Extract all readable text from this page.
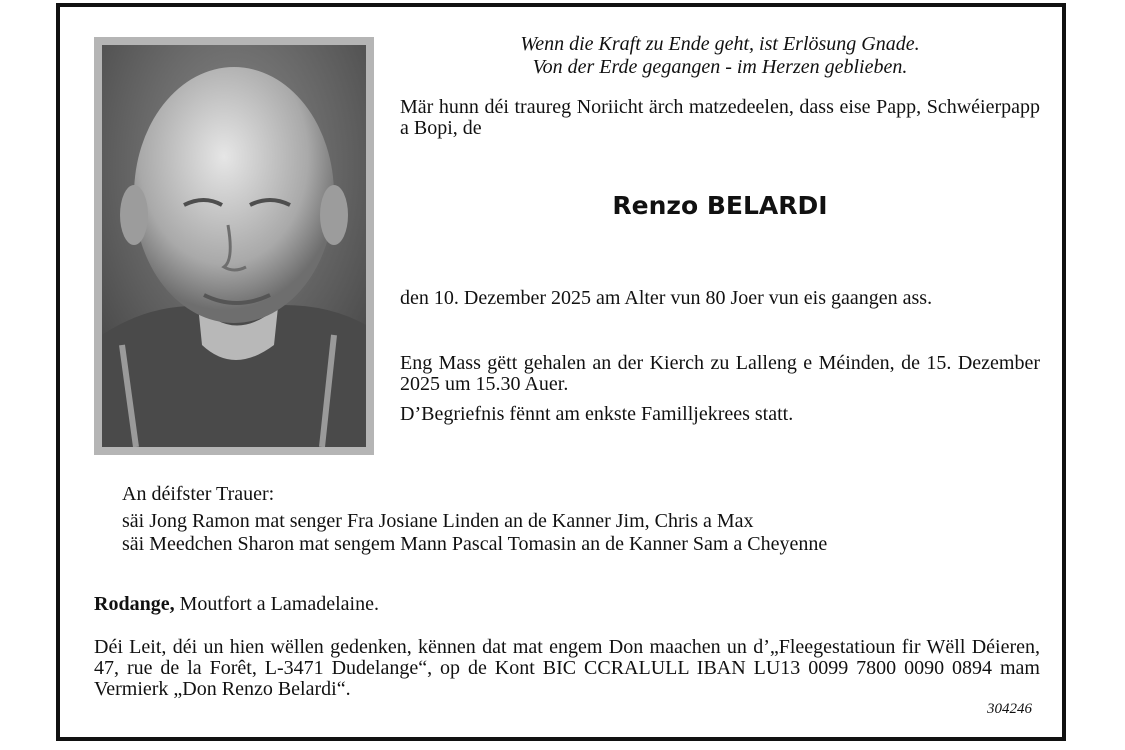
Wenn die Kraft zu Ende geht, ist Erlösung Gnade.
Von der Erde gegangen - im Herzen geblieben.

Mär hunn déi traureg Noriicht ärch matzedeelen, dass eise Papp, Schwéierpapp a Bopi, de

Renzo BELARDI

den 10. Dezember 2025 am Alter vun 80 Joer vun eis gaangen ass.

Eng Mass gëtt gehalen an der Kierch zu Lalleng e Méinden, de 15. Dezember 2025 um 15.30 Auer.

D’Begriefnis fënnt am enkste Familljekrees statt.

An déifster Trauer:

säi Jong Ramon mat senger Fra Josiane Linden an de Kanner Jim, Chris a Max

säi Meedchen Sharon mat sengem Mann Pascal Tomasin an de Kanner Sam a Cheyenne

Rodange, Moutfort a Lamadelaine.

Déi Leit, déi un hien wëllen gedenken, kënnen dat mat engem Don maachen un d’„Fleegestatioun fir Wëll Déieren, 47, rue de la Forêt, L-3471 Dudelange“, op de Kont BIC CCRALULL IBAN LU13 0099 7800 0090 0894 mam Vermierk „Don Renzo Belardi“.

304246
